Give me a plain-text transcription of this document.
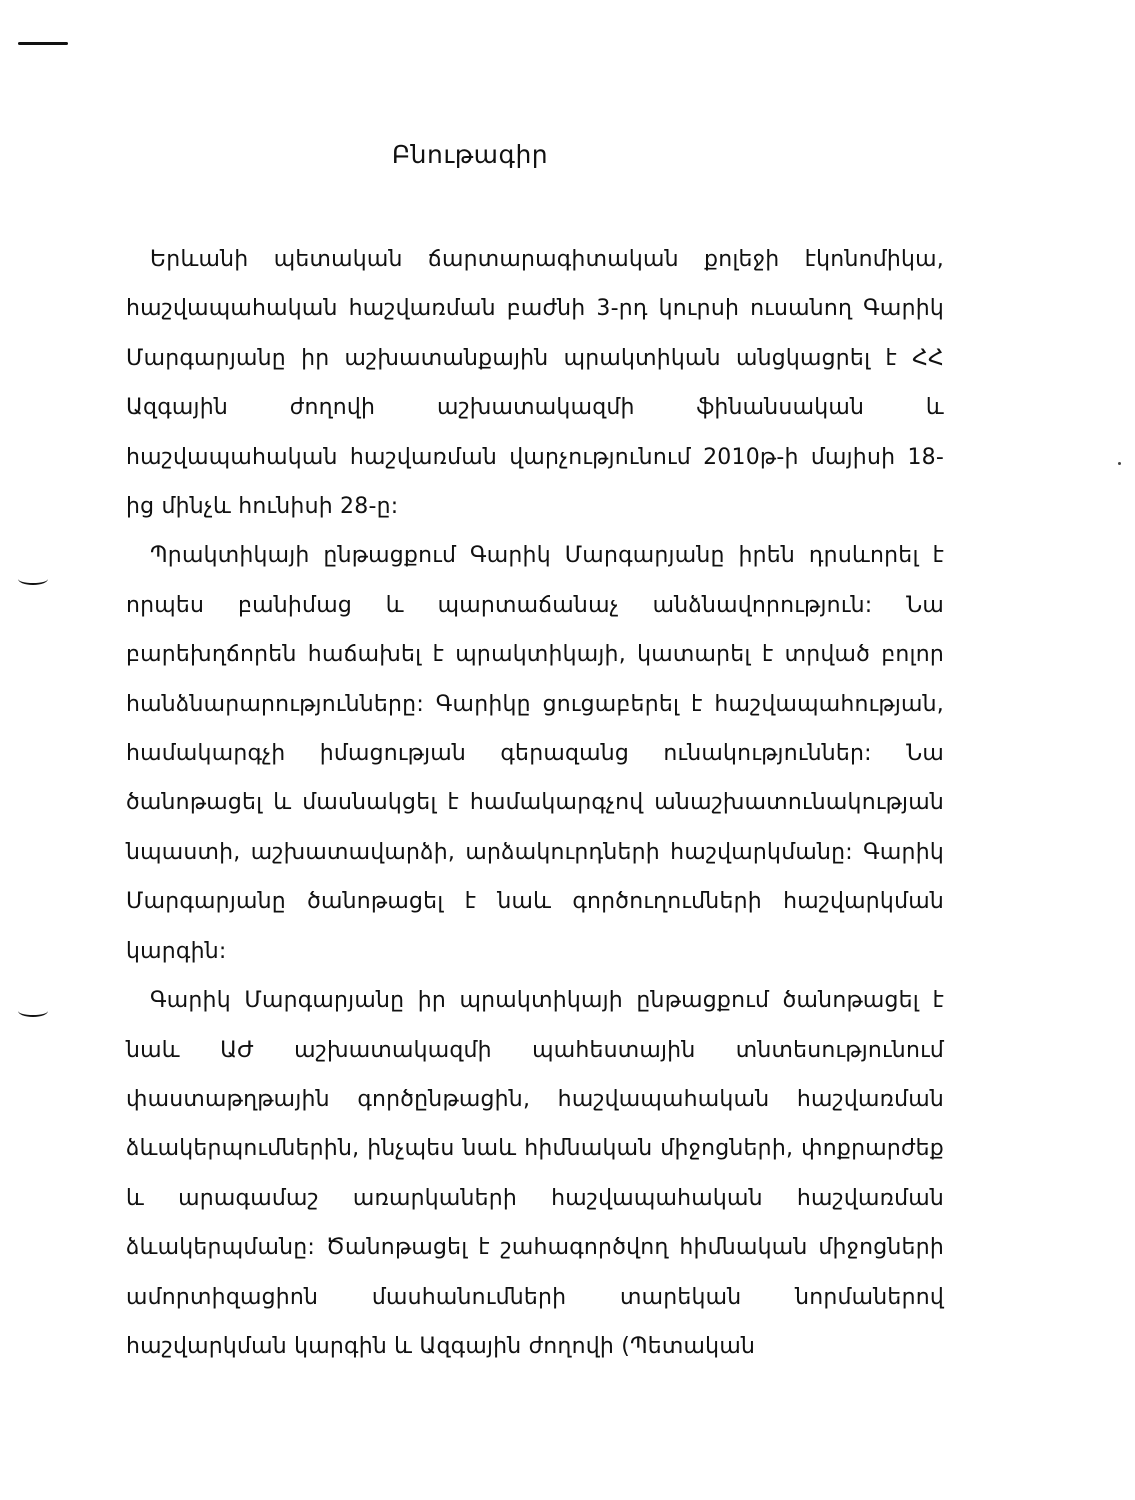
Բնութագիր

Երևանի պետական ճարտարագիտական քոլեջի էկոնոմիկա, հաշվապահական հաշվառման բաժնի 3-րդ կուրսի ուսանող Գարիկ Մարգարյանը իր աշխատանքային պրակտիկան անցկացրել է ՀՀ Ազգային ժողովի աշխատակազմի ֆինանսական և հաշվապահական հաշվառման վարչությունում 2010թ-ի մայիսի 18-ից մինչև հունիսի 28-ը:

Պրակտիկայի ընթացքում Գարիկ Մարգարյանը իրեն դրսևորել է որպես բանիմաց և պարտաճանաչ անձնավորություն: Նա բարեխղճորեն հաճախել է պրակտիկայի, կատարել է տրված բոլոր հանձնարարությունները: Գարիկը ցուցաբերել է հաշվապահության, համակարգչի իմացության գերազանց ունակություններ: Նա ծանոթացել և մասնակցել է համակարգչով անաշխատունակության նպաստի, աշխատավարձի, արձակուրդների հաշվարկմանը: Գարիկ Մարգարյանը ծանոթացել է նաև գործուղումների հաշվարկման կարգին:

Գարիկ Մարգարյանը իր պրակտիկայի ընթացքում ծանոթացել է նաև ԱԺ աշխատակազմի պահեստային տնտեսությունում փաստաթղթային գործընթացին, հաշվապահական հաշվառման ձևակերպումներին, ինչպես նաև հիմնական միջոցների, փոքրարժեք և արագամաշ առարկաների հաշվապահական հաշվառման ձևակերպմանը: Ծանոթացել է շահագործվող հիմնական միջոցների ամորտիզացիոն մասհանումների տարեկան նորմաներով հաշվարկման կարգին և Ազգային ժողովի (Պետական
